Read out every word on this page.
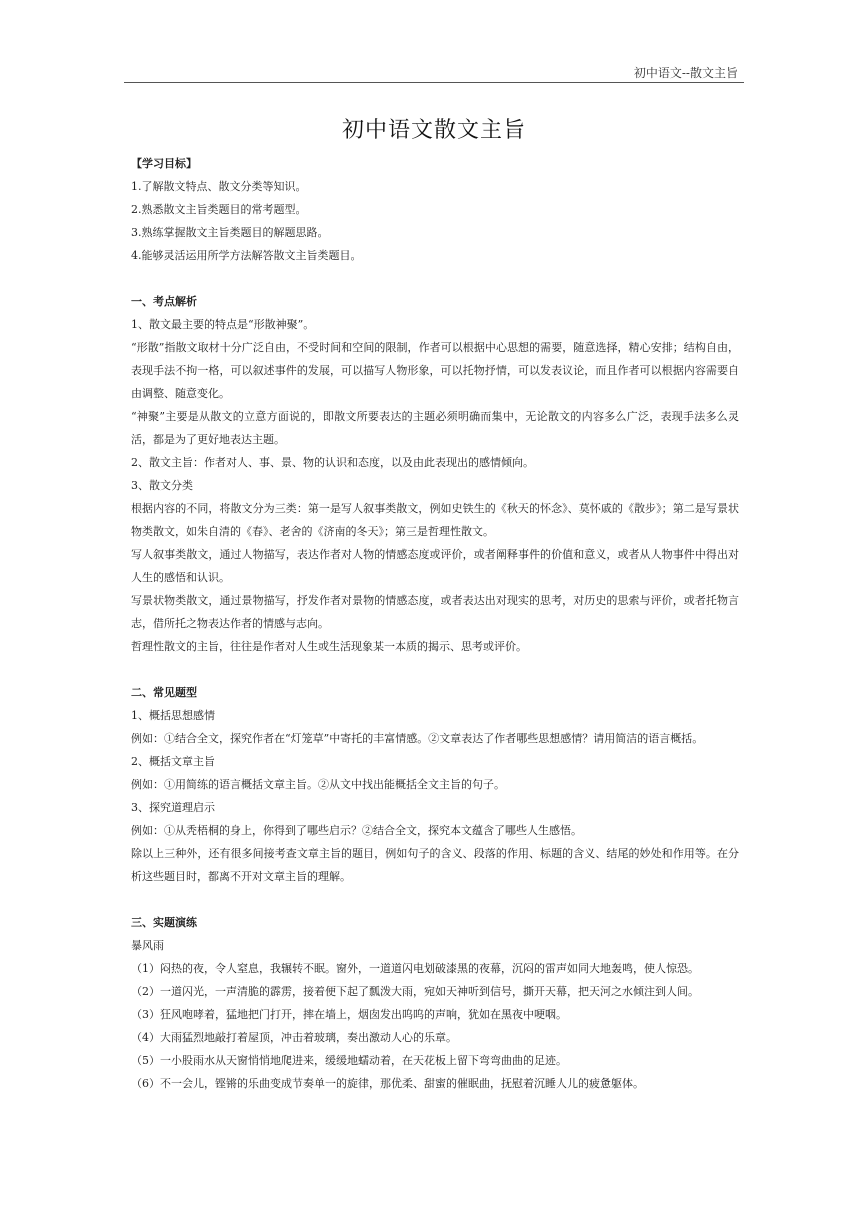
初中语文--散文主旨
初中语文散文主旨
【学习目标】
1.了解散文特点、散文分类等知识。
2.熟悉散文主旨类题目的常考题型。
3.熟练掌握散文主旨类题目的解题思路。
4.能够灵活运用所学方法解答散文主旨类题目。
一、考点解析
1、散文最主要的特点是“形散神聚”。
“形散”指散文取材十分广泛自由，不受时间和空间的限制，作者可以根据中心思想的需要，随意选择，精心安排；结构自由，表现手法不拘一格，可以叙述事件的发展，可以描写人物形象，可以托物抒情，可以发表议论，而且作者可以根据内容需要自由调整、随意变化。
“神聚”主要是从散文的立意方面说的，即散文所要表达的主题必须明确而集中，无论散文的内容多么广泛，表现手法多么灵活，都是为了更好地表达主题。
2、散文主旨：作者对人、事、景、物的认识和态度，以及由此表现出的感情倾向。
3、散文分类
根据内容的不同，将散文分为三类：第一是写人叙事类散文，例如史铁生的《秋天的怀念》、莫怀戚的《散步》；第二是写景状物类散文，如朱自清的《春》、老舍的《济南的冬天》；第三是哲理性散文。
写人叙事类散文，通过人物描写，表达作者对人物的情感态度或评价，或者阐释事件的价值和意义，或者从人物事件中得出对人生的感悟和认识。
写景状物类散文，通过景物描写，抒发作者对景物的情感态度，或者表达出对现实的思考，对历史的思索与评价，或者托物言志，借所托之物表达作者的情感与志向。
哲理性散文的主旨，往往是作者对人生或生活现象某一本质的揭示、思考或评价。
二、常见题型
1、概括思想感情
例如：①结合全文，探究作者在“灯笼草”中寄托的丰富情感。②文章表达了作者哪些思想感情？请用简洁的语言概括。
2、概括文章主旨
例如：①用简练的语言概括文章主旨。②从文中找出能概括全文主旨的句子。
3、探究道理启示
例如：①从秃梧桐的身上，你得到了哪些启示？②结合全文，探究本文蕴含了哪些人生感悟。
除以上三种外，还有很多间接考查文章主旨的题目，例如句子的含义、段落的作用、标题的含义、结尾的妙处和作用等。在分析这些题目时，都离不开对文章主旨的理解。
三、实题演练
暴风雨
（1）闷热的夜，令人窒息，我辗转不眠。窗外，一道道闪电划破漆黑的夜幕，沉闷的雷声如同大地轰鸣，使人惊恐。
（2）一道闪光，一声清脆的霹雳，接着便下起了瓢泼大雨，宛如天神听到信号，撕开天幕，把天河之水倾注到人间。
（3）狂风咆哮着，猛地把门打开，摔在墙上，烟囱发出呜呜的声响，犹如在黑夜中哽咽。
（4）大雨猛烈地敲打着屋顶，冲击着玻璃，奏出激动人心的乐章。
（5）一小股雨水从天窗悄悄地爬进来，缓缓地蠕动着，在天花板上留下弯弯曲曲的足迹。
（6）不一会儿，铿锵的乐曲变成节奏单一的旋律，那优柔、甜蜜的催眠曲，抚慰着沉睡人儿的疲惫躯体。
